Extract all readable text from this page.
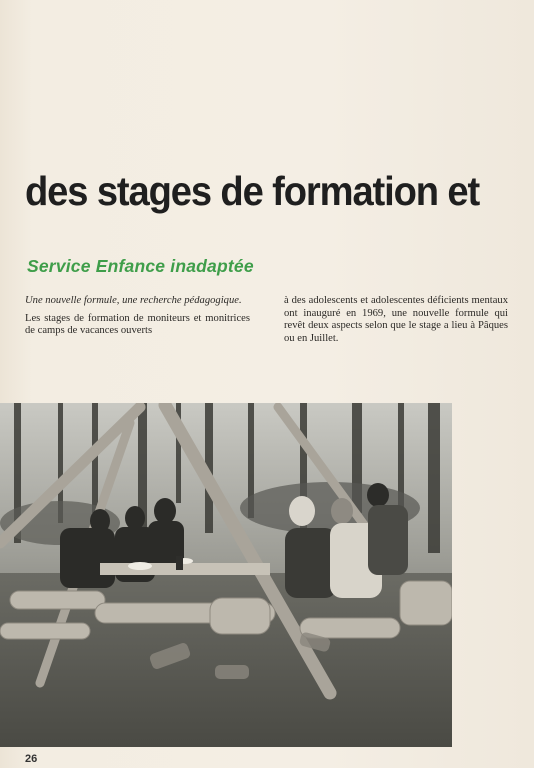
des stages de formation et
Service Enfance inadaptée
Une nouvelle formule, une recherche pédagogique.
Les stages de formation de moniteurs et monitrices de camps de vacances ouverts
à des adolescents et adolescentes déficients mentaux ont inauguré en 1969, une nouvelle formule qui revêt deux aspects selon que le stage a lieu à Pâques ou en Juillet.
26
